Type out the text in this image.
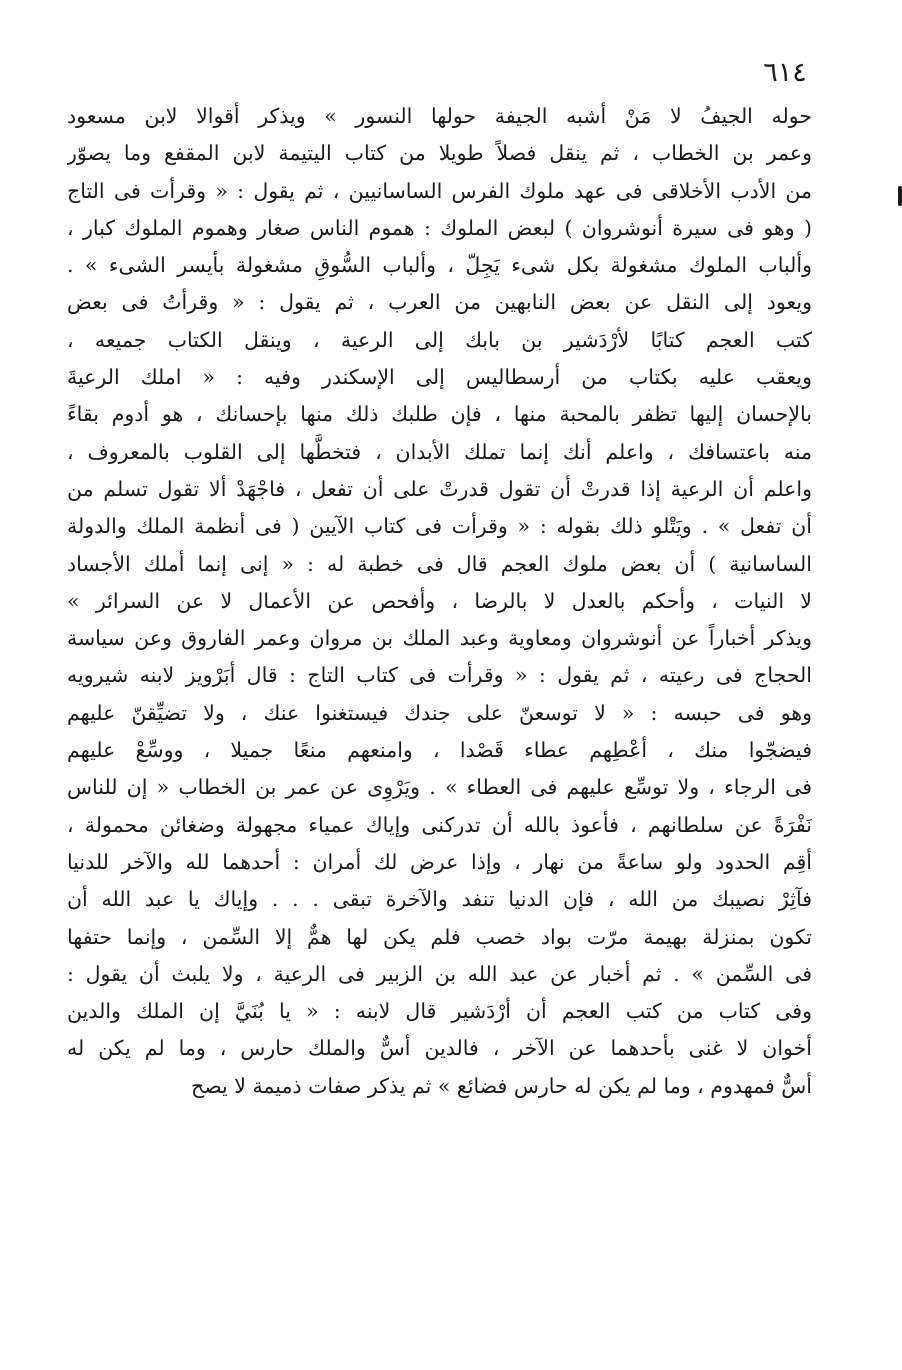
٦١٤
حوله الجيفُ لا مَنْ أشبه الجيفة حولها النسور » ويذكر أقوالا لابن مسعود
وعمر بن الخطاب ، ثم ينقل فصلاً طويلا من كتاب اليتيمة لابن المقفع وما يصوّر
من الأدب الأخلاقى فى عهد ملوك الفرس الساسانيين ، ثم يقول : « وقرأت فى التاج
( وهو فى سيرة أنوشروان ) لبعض الملوك : هموم الناس صغار وهموم الملوك كبار ،
وألباب الملوك مشغولة بكل شىء يَجِلّ ، وألباب السُّوقِ مشغولة بأيسر الشىء » .
ويعود إلى النقل عن بعض النابهين من العرب ، ثم يقول : « وقرأتُ فى بعض
كتب العجم كتابًا لأرْدَشير بن بابك إلى الرعية ، وينقل الكتاب جميعه ،
ويعقب عليه بكتاب من أرسطاليس إلى الإسكندر وفيه : « املك الرعيةَ
بالإحسان إليها تظفر بالمحبة منها ، فإن طلبك ذلك منها بإحسانك ، هو أدوم بقاءً
منه باعتسافك ، واعلم أنك إنما تملك الأبدان ، فتخطَّها إلى القلوب بالمعروف ،
واعلم أن الرعية إذا قدرتْ أن تقول قدرتْ على أن تفعل ، فاجْهَدْ ألا تقول تسلم من
أن تفعل » . ويَتْلو ذلك بقوله : « وقرأت فى كتاب الآيين ( فى أنظمة الملك والدولة
الساسانية ) أن بعض ملوك العجم قال فى خطبة له : « إنى إنما أملك الأجساد
لا النيات ، وأحكم بالعدل لا بالرضا ، وأفحص عن الأعمال لا عن السرائر »
ويذكر أخباراً عن أنوشروان ومعاوية وعبد الملك بن مروان وعمر الفاروق وعن سياسة
الحجاج فى رعيته ، ثم يقول : « وقرأت فى كتاب التاج : قال أبَرْويز لابنه شيرويه
وهو فى حبسه : « لا توسعنّ على جندك فيستغنوا عنك ، ولا تضيِّقنّ عليهم
فيضجّوا منك ، أعْطِهم عطاء قَصْدا ، وامنعهم منعًا جميلا ، ووسِّعْ عليهم
فى الرجاء ، ولا توسِّع عليهم فى العطاء » . ويَرْوِى عن عمر بن الخطاب « إن للناس
نَفْرَةً عن سلطانهم ، فأعوذ بالله أن تدركنى وإياك عمياء مجهولة وضغائن محمولة ،
أقِم الحدود ولو ساعةً من نهار ، وإذا عرض لك أمران : أحدهما لله والآخر للدنيا
فآثِرْ نصيبك من الله ، فإن الدنيا تنفد والآخرة تبقى . . . وإياك يا عبد الله أن
تكون بمنزلة بهيمة مرّت بواد خصب فلم يكن لها همٌّ إلا السِّمن ، وإنما حتفها
فى السِّمن » . ثم أخبار عن عبد الله بن الزبير فى الرعية ، ولا يلبث أن يقول :
وفى كتاب من كتب العجم أن أرْدَشير قال لابنه : « يا بُنَيَّ إن الملك والدين
أخوان لا غنى بأحدهما عن الآخر ، فالدين أسٌّ والملك حارس ، وما لم يكن له
أسٌّ فمهدوم ، وما لم يكن له حارس فضائع » ثم يذكر صفات ذميمة لا يصح
